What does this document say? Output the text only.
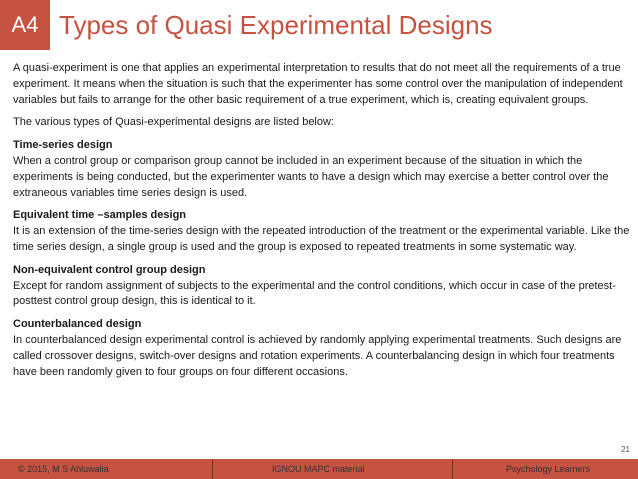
A4 Types of Quasi Experimental Designs

A quasi-experiment is one that applies an experimental interpretation to results that do not meet all the requirements of a true experiment. It means when the situation is such that the experimenter has some control over the manipulation of independent variables but fails to arrange for the other basic requirement of a true experiment, which is, creating equivalent groups.

The various types of Quasi-experimental designs are listed below:

Time-series design

When a control group or comparison group cannot be included in an experiment because of the situation in which the experiments is being conducted, but the experimenter wants to have a design which may exercise a better control over the extraneous variables time series design is used.

Equivalent time –samples design

It is an extension of the time-series design with the repeated introduction of the treatment or the experimental variable. Like the time series design, a single group is used and the group is exposed to repeated treatments in some systematic way.

Non-equivalent control group design

Except for random assignment of subjects to the experimental and the control conditions, which occur in case of the pretest-posttest control group design, this is identical to it.

Counterbalanced design

In counterbalanced design experimental control is achieved by randomly applying experimental treatments. Such designs are called crossover designs, switch-over designs and rotation experiments. A counterbalancing design in which four treatments have been randomly given to four groups on four different occasions.

21
© 2015, M S Ahluwalia	IGNOU MAPC material	Psychology Learners
